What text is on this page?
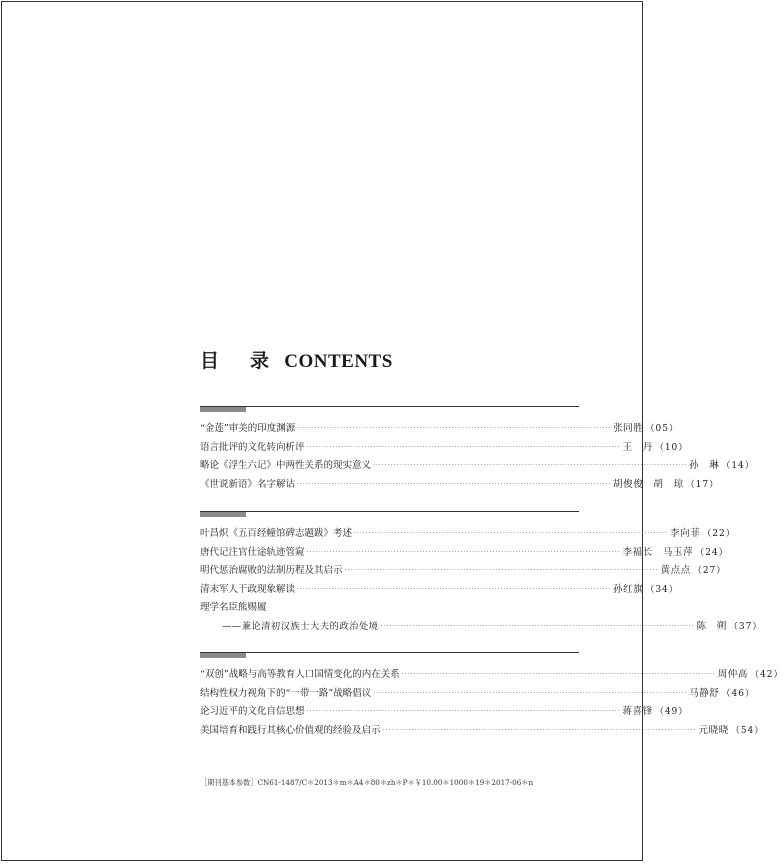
目　录 CONTENTS
“金莲”审美的印度渊源 ············································································································ 张同胜 （05）
语言批评的文化转向析评 ············································································································ 王　丹 （10）
略论《浮生六记》中两性关系的现实意义 ············································································································ 孙　琳 （14）
《世说新语》名字解诂 ············································································································ 胡俊俊　胡　琼 （17）
叶昌炽《五百经幢馆碑志题跋》考述 ············································································································ 李向菲 （22）
唐代记注官仕途轨迹管窥 ············································································································ 李福长　马玉萍 （24）
明代惩治腐败的法制历程及其启示 ············································································································ 黄点点 （27）
清末军人干政现象解读 ············································································································ 孙红旗 （34）
理学名臣熊赐履
——兼论清初汉族士大夫的政治处境 ············································································································ 陈　朔 （37）
“双创”战略与高等教育人口国情变化的内在关系 ············································································································ 周仲高 （42）
结构性权力视角下的“一带一路”战略倡议 ············································································································ 马静舒 （46）
论习近平的文化自信思想 ············································································································ 蒋喜锋 （49）
美国培育和践行其核心价值观的经验及启示 ············································································································ 元晓晓 （54）
［期刊基本参数］CN61-1487/C＊2013＊m＊A4＊80＊zh＊P＊￥10.00＊1000＊19＊2017-06＊n
